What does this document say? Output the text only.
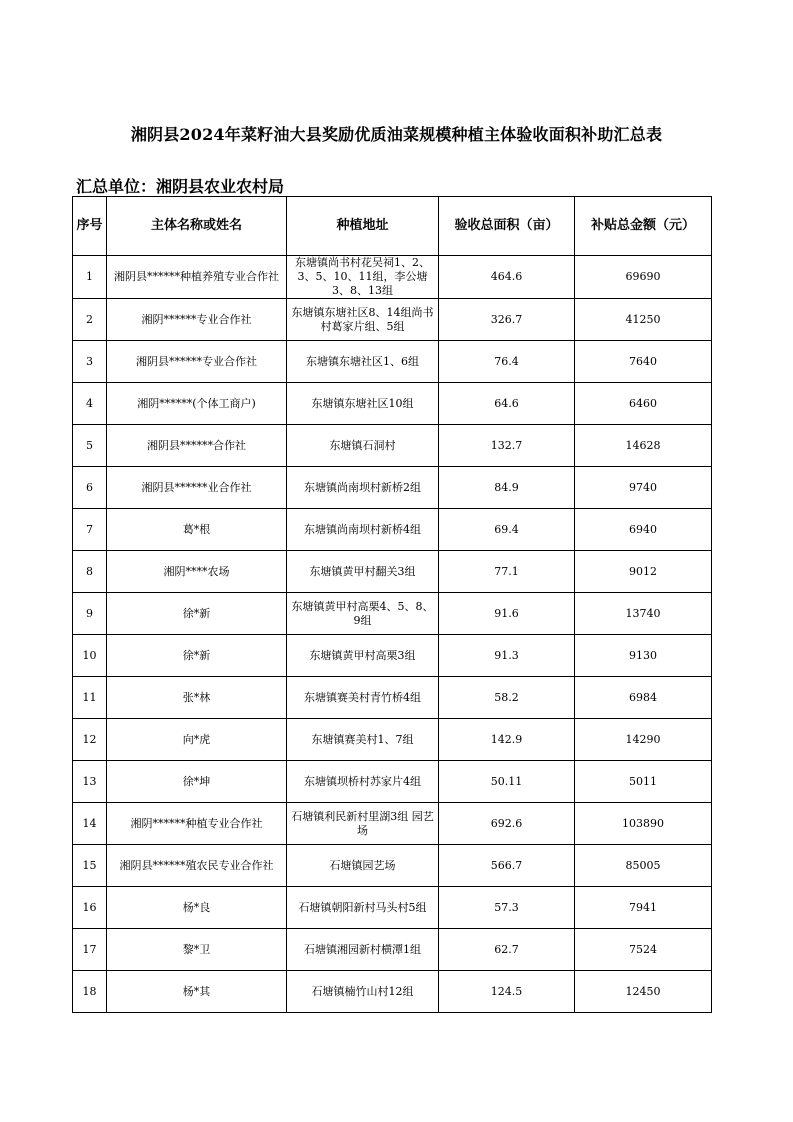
湘阴县2024年菜籽油大县奖励优质油菜规模种植主体验收面积补助汇总表
汇总单位：湘阴县农业农村局
序号	主体名称或姓名	种植地址	验收总面积（亩）	补贴总金额（元）
1	湘阴县******种植养殖专业合作社	东塘镇尚书村花吴祠1、2、3、5、10、11组，李公塘3、8、13组	464.6	69690
2	湘阴******专业合作社	东塘镇东塘社区8、14组尚书村葛家片组、5组	326.7	41250
3	湘阴县******专业合作社	东塘镇东塘社区1、6组	76.4	7640
4	湘阴******(个体工商户)	东塘镇东塘社区10组	64.6	6460
5	湘阴县******合作社	东塘镇石洞村	132.7	14628
6	湘阴县******业合作社	东塘镇尚南坝村新桥2组	84.9	9740
7	葛*根	东塘镇尚南坝村新桥4组	69.4	6940
8	湘阴****农场	东塘镇黄甲村翻关3组	77.1	9012
9	徐*新	东塘镇黄甲村高栗4、5、8、9组	91.6	13740
10	徐*新	东塘镇黄甲村高栗3组	91.3	9130
11	张*林	东塘镇赛美村青竹桥4组	58.2	6984
12	向*虎	东塘镇赛美村1、7组	142.9	14290
13	徐*坤	东塘镇坝桥村苏家片4组	50.11	5011
14	湘阴******种植专业合作社	石塘镇利民新村里湖3组 园艺场	692.6	103890
15	湘阴县******殖农民专业合作社	石塘镇园艺场	566.7	85005
16	杨*良	石塘镇朝阳新村马头村5组	57.3	7941
17	黎*卫	石塘镇湘园新村横潭1组	62.7	7524
18	杨*其	石塘镇楠竹山村12组	124.5	12450
